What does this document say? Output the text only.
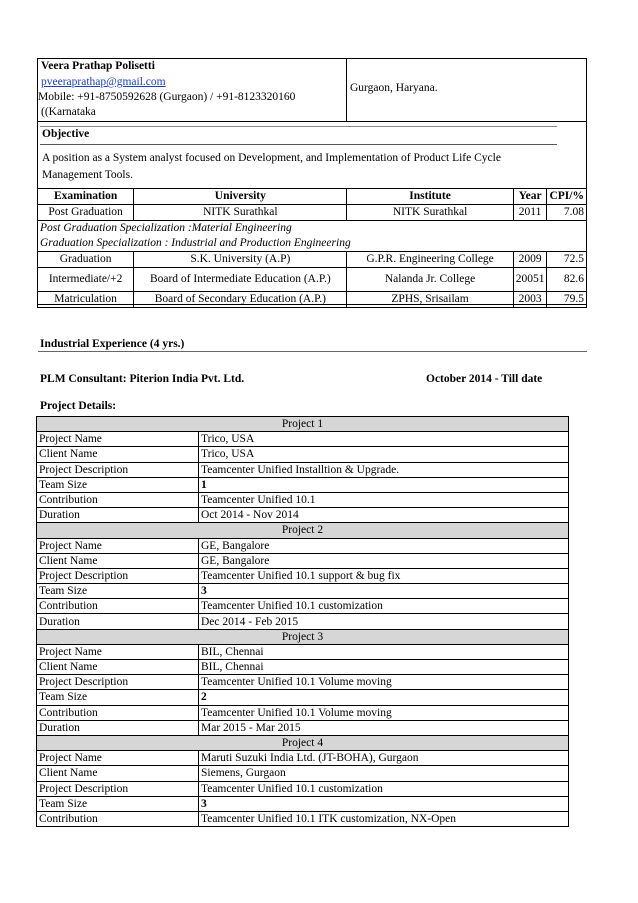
Veera Prathap Polisetti
pveeraprathap@gmail.com
Mobile: +91-8750592628 (Gurgaon) / +91-8123320160
((Karnataka
Gurgaon, Haryana.
Objective
A position as a System analyst focused on Development, and Implementation of Product Life Cycle Management Tools.
Examination	University	Institute	Year	CPI/%
Post Graduation	NITK Surathkal	NITK Surathkal	2011	7.08
Post Graduation Specialization :Material Engineering				
Graduation Specialization : Industrial and Production Engineering				
Graduation	S.K. University (A.P)	G.P.R. Engineering College	2009	72.5
Intermediate/+2	Board of Intermediate Education (A.P.)	Nalanda Jr. College	20051	82.6
Matriculation	Board of Secondary Education (A.P.)	ZPHS, Srisailam	2003	79.5
Industrial Experience (4 yrs.)
PLM Consultant: Piterion India Pvt. Ltd.	October 2014 - Till date
Project Details:
Project 1	
Project Name	Trico, USA
Client Name	Trico, USA
Project Description	Teamcenter Unified Installtion & Upgrade.
Team Size	1
Contribution	Teamcenter Unified 10.1
Duration	Oct 2014 - Nov 2014
Project 2	
Project Name	GE, Bangalore
Client Name	GE, Bangalore
Project Description	Teamcenter Unified 10.1 support & bug fix
Team Size	3
Contribution	Teamcenter Unified 10.1 customization
Duration	Dec 2014 - Feb 2015
Project 3	
Project Name	BIL, Chennai
Client Name	BIL, Chennai
Project Description	Teamcenter Unified 10.1 Volume moving
Team Size	2
Contribution	Teamcenter Unified 10.1 Volume moving
Duration	Mar 2015 - Mar 2015
Project 4	
Project Name	Maruti Suzuki India Ltd. (JT-BOHA), Gurgaon
Client Name	Siemens, Gurgaon
Project Description	Teamcenter Unified 10.1 customization
Team Size	3
Contribution	Teamcenter Unified 10.1 ITK customization, NX-Open
